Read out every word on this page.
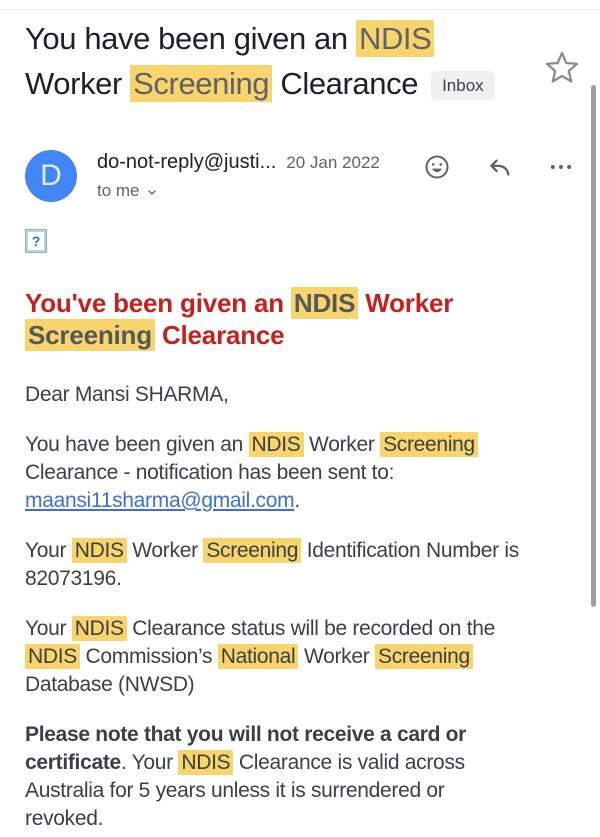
You have been given an NDIS
Worker Screening Clearance Inbox
D	do-not-reply@justi... 20 Jan 2022
to me
?
You've been given an NDIS Worker
Screening Clearance

Dear Mansi SHARMA,

You have been given an NDIS Worker Screening
Clearance - notification has been sent to:
maansi11sharma@gmail.com.

Your NDIS Worker Screening Identification Number is
82073196.

Your NDIS Clearance status will be recorded on the
NDIS Commission’s National Worker Screening
Database (NWSD)

Please note that you will not receive a card or
certificate. Your NDIS Clearance is valid across
Australia for 5 years unless it is surrendered or
revoked.
